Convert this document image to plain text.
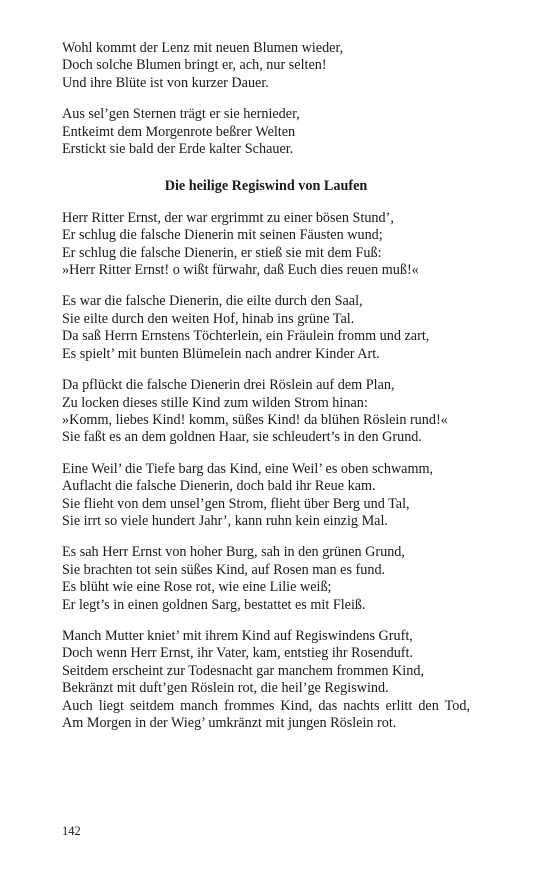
Wohl kommt der Lenz mit neuen Blumen wieder,
Doch solche Blumen bringt er, ach, nur selten!
Und ihre Blüte ist von kurzer Dauer.
Aus sel’gen Sternen trägt er sie hernieder,
Entkeimt dem Morgenrote beßrer Welten
Erstickt sie bald der Erde kalter Schauer.
Die heilige Regiswind von Laufen
Herr Ritter Ernst, der war ergrimmt zu einer bösen Stund’,
Er schlug die falsche Dienerin mit seinen Fäusten wund;
Er schlug die falsche Dienerin, er stieß sie mit dem Fuß:
»Herr Ritter Ernst! o wißt fürwahr, daß Euch dies reuen muß!«
Es war die falsche Dienerin, die eilte durch den Saal,
Sie eilte durch den weiten Hof, hinab ins grüne Tal.
Da saß Herrn Ernstens Töchterlein, ein Fräulein fromm und zart,
Es spielt’ mit bunten Blümelein nach andrer Kinder Art.
Da pflückt die falsche Dienerin drei Röslein auf dem Plan,
Zu locken dieses stille Kind zum wilden Strom hinan:
»Komm, liebes Kind! komm, süßes Kind! da blühen Röslein rund!«
Sie faßt es an dem goldnen Haar, sie schleudert’s in den Grund.
Eine Weil’ die Tiefe barg das Kind, eine Weil’ es oben schwamm,
Auflacht die falsche Dienerin, doch bald ihr Reue kam.
Sie flieht von dem unsel’gen Strom, flieht über Berg und Tal,
Sie irrt so viele hundert Jahr’, kann ruhn kein einzig Mal.
Es sah Herr Ernst von hoher Burg, sah in den grünen Grund,
Sie brachten tot sein süßes Kind, auf Rosen man es fund.
Es blüht wie eine Rose rot, wie eine Lilie weiß;
Er legt’s in einen goldnen Sarg, bestattet es mit Fleiß.
Manch Mutter kniet’ mit ihrem Kind auf Regiswindens Gruft,
Doch wenn Herr Ernst, ihr Vater, kam, entstieg ihr Rosenduft.
Seitdem erscheint zur Todesnacht gar manchem frommen Kind,
Bekränzt mit duft’gen Röslein rot, die heil’ge Regiswind.
Auch liegt seitdem manch frommes Kind, das nachts erlitt den Tod,
Am Morgen in der Wieg’ umkränzt mit jungen Röslein rot.
142
